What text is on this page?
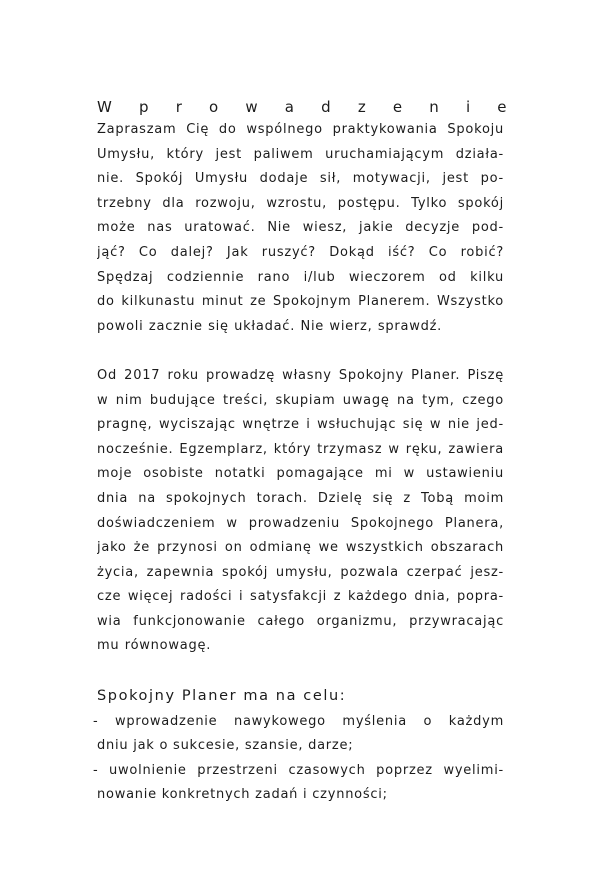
W p r o w a d z e n i e
Zapraszam Cię do wspólnego praktykowania Spokoju
Umysłu, który jest paliwem uruchamiającym działa-
nie. Spokój Umysłu dodaje sił, motywacji, jest po-
trzebny dla rozwoju, wzrostu, postępu. Tylko spokój
może nas uratować. Nie wiesz, jakie decyzje pod-
jąć? Co dalej? Jak ruszyć? Dokąd iść? Co robić?
Spędzaj codziennie rano i/lub wieczorem od kilku
do kilkunastu minut ze Spokojnym Planerem. Wszystko
powoli zacznie się układać. Nie wierz, sprawdź.
Od 2017 roku prowadzę własny Spokojny Planer. Piszę
w nim budujące treści, skupiam uwagę na tym, czego
pragnę, wyciszając wnętrze i wsłuchując się w nie jed-
nocześnie. Egzemplarz, który trzymasz w ręku, zawiera
moje osobiste notatki pomagające mi w ustawieniu
dnia na spokojnych torach. Dzielę się z Tobą moim
doświadczeniem w prowadzeniu Spokojnego Planera,
jako że przynosi on odmianę we wszystkich obszarach
życia, zapewnia spokój umysłu, pozwala czerpać jesz-
cze więcej radości i satysfakcji z każdego dnia, popra-
wia funkcjonowanie całego organizmu, przywracając
mu równowagę.
Spokojny Planer ma na celu:
- wprowadzenie nawykowego myślenia o każdym
dniu jak o sukcesie, szansie, darze;
- uwolnienie przestrzeni czasowych poprzez wyelimi-
nowanie konkretnych zadań i czynności;
